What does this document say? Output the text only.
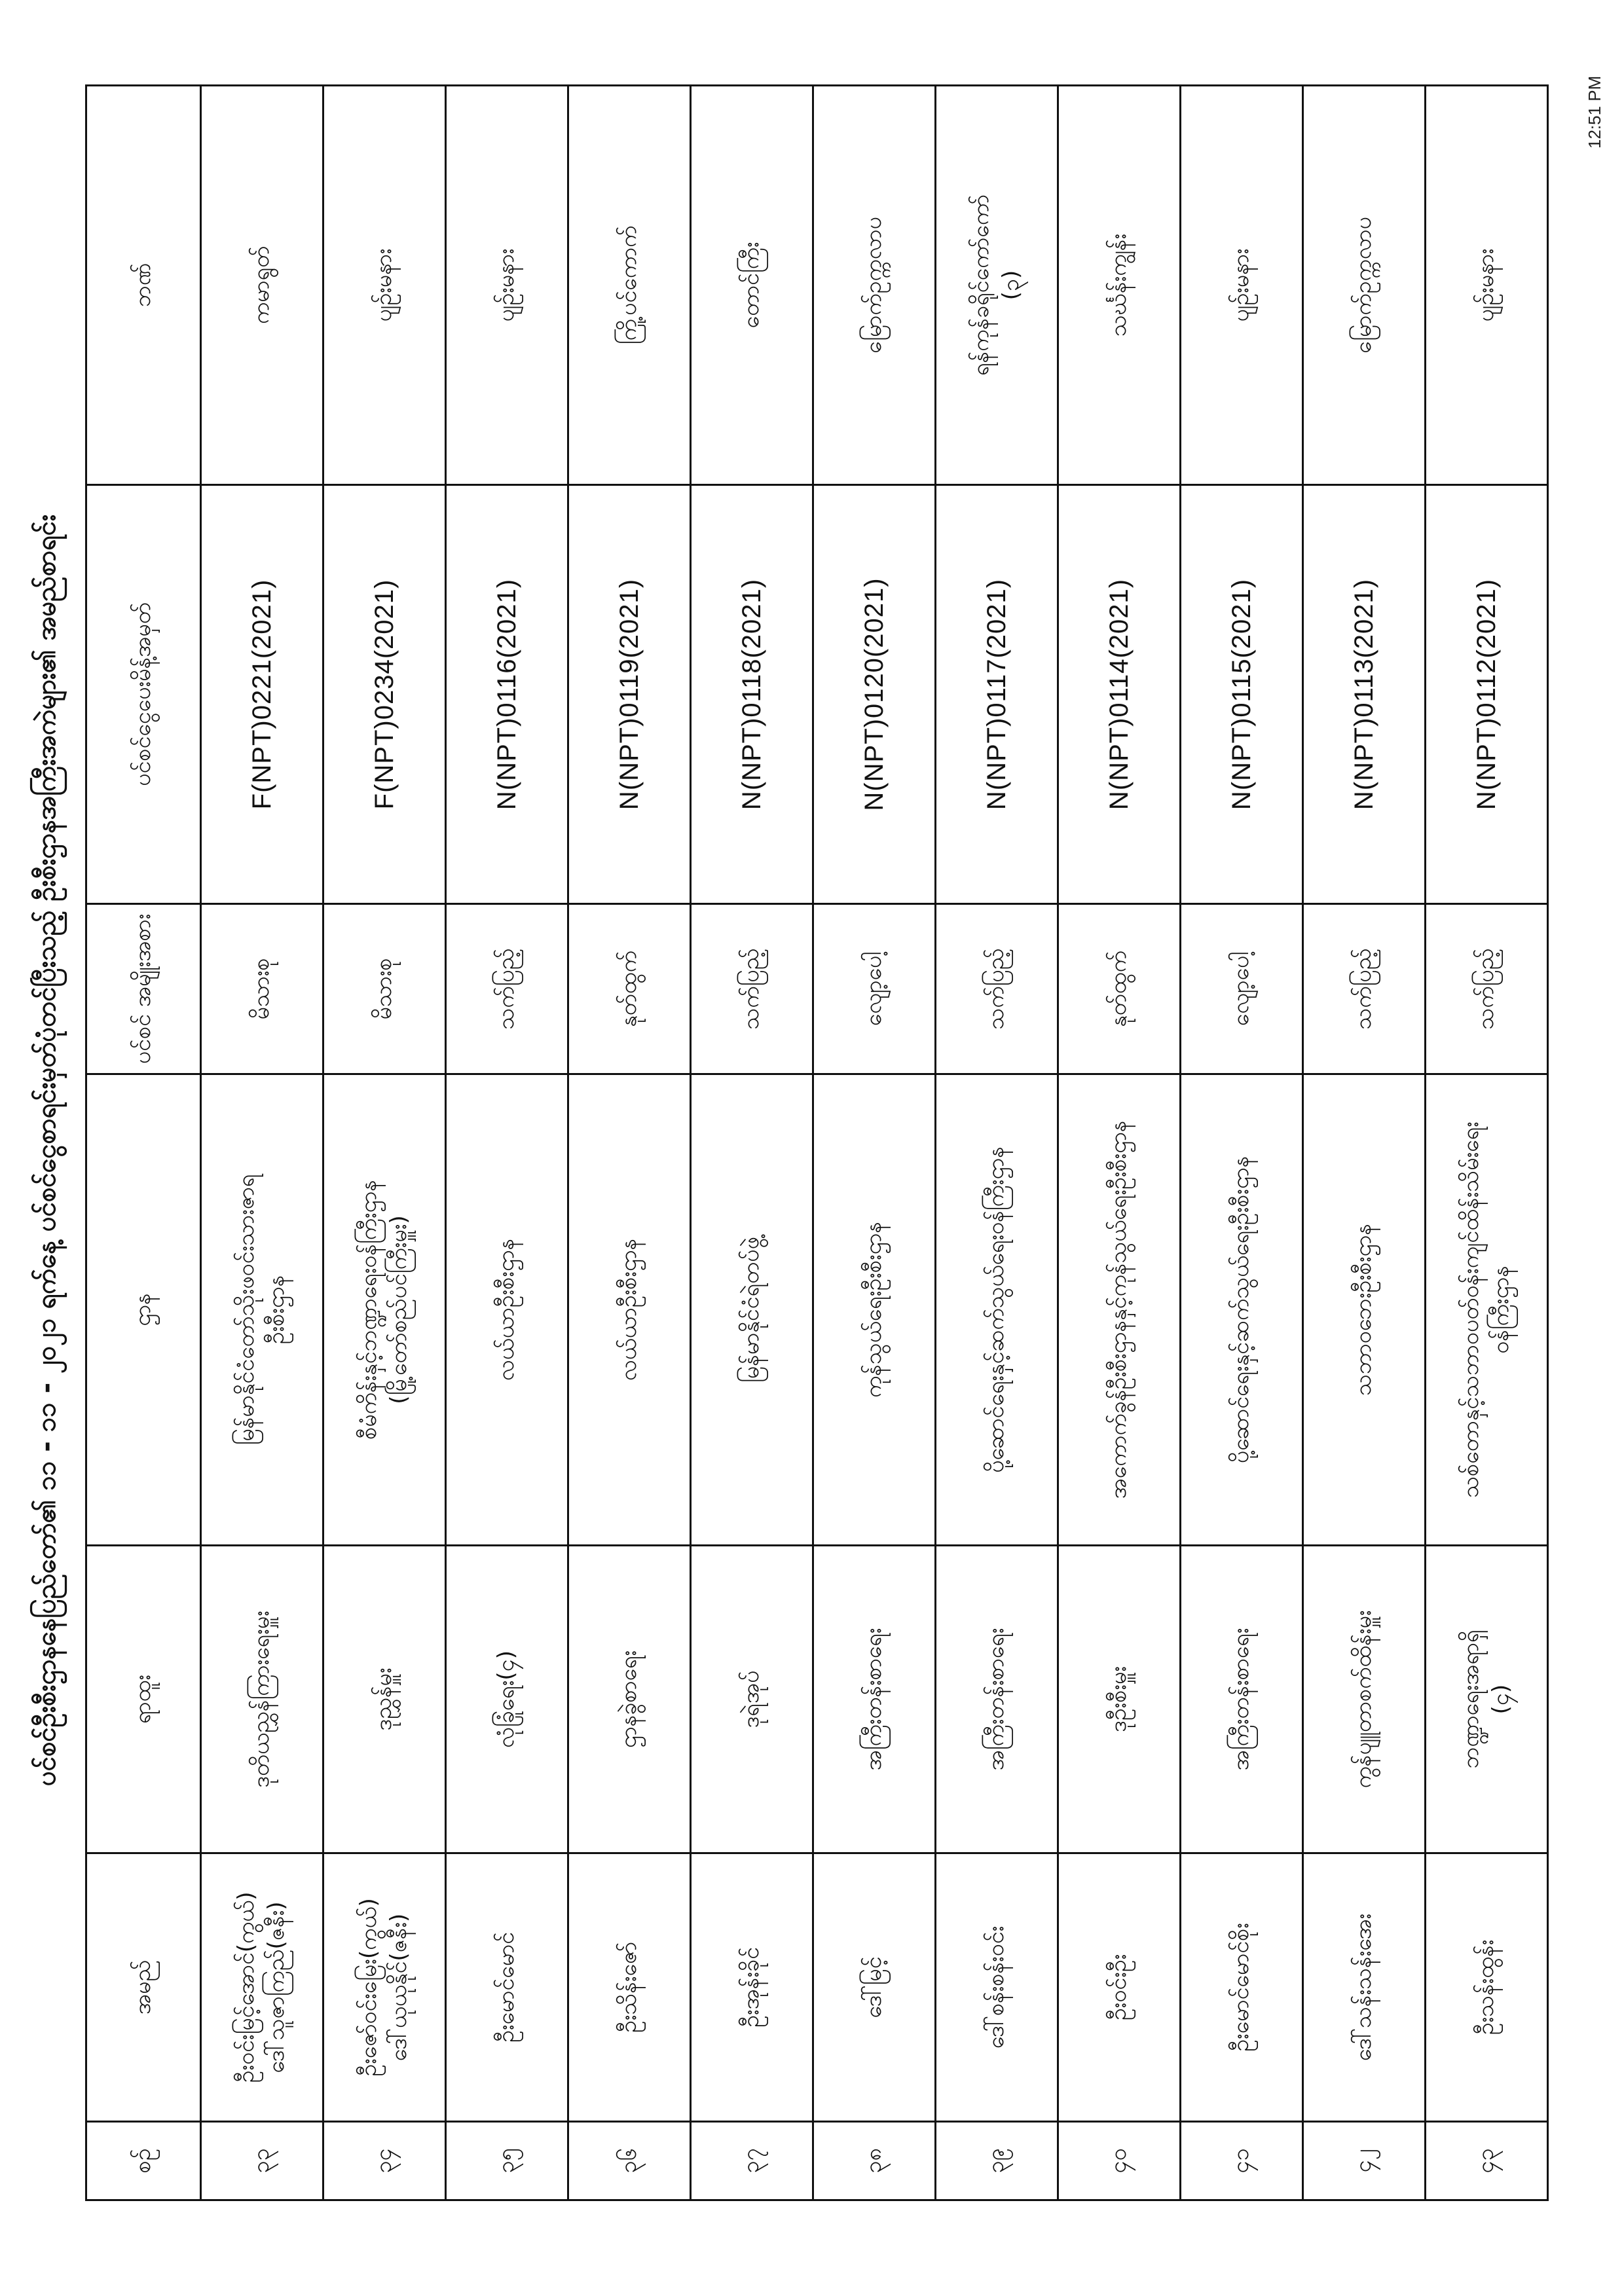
ပင်စင်ဦးစီးဌာနနေပြည်တော်၏ ၁၁ - ၁၁ - ၂၀၂၁ ရက်နေ့ ပင်စင်ငွေစာရင်းမှတ်ပုံတင်ပြီးသည့် ဦးစီးဌာနအကြီးအကဲများ၏ အမည်စာရင်း
စဉ်	အမည်	ရာထူး	ဌာန	ပင်စင် အမျိုးအစား	ပင်စင်ငွေပေးမိန့်အမှတ်	ဘဏ်

၃၃	ဦးဝင်းမြင့်အောင်(ကွယ်) ဒေါ်သူဇာကြည်(ဇနီး)	ဒုတိယညွှန်ကြားရေးမှူး	မြန်မာနိုင်ငံတော်သိုးဖဝင်းသားဇာရ ဦးစီးဌာန	မိသားစု	F(NPT)0221(2021)	ကမာရွတ်

၃၄	ဦးဇော်ဝင်းမြေး(ကွယ်) ဒေါ်ယုယုနိုင်(ဇနီး)	ဒုညွှန်မှူး	စီမံကိန်းနှင့်ဘဏ္ဍာရေးဝန်ကြီးဌာန (မြို့တော်စည်ပင်ကြီးမှူး)	မိသားစု	F(NPT)0234(2021)	ပျဉ်းမနား

၃၅	ဦးမောင်မောင်	လုံခြုံရေး(၄)	လယ်ယာဦးစီးဌာန	သက်ပြည့်	N(NPT)0116(2021)	ပျဉ်းမနား

၃၆	ဦးသိန်းဇော်	ဌာနခွဲစာရေး	လယ်ယာဦးစီးဌာန	နုတ်ထွက်	N(NPT)0119(2021)	ကြို့ပင်ကောက်

၃၇	ဦးအုန်းခိုင်	ဒုရဲအုပ်	မြန်မာနိုင်ငံရဲတပ်ဖွဲ့	သက်ပြည့်	N(NPT)0118(2021)	တောင်ကြီး

၃၈	ဒေါ်မြင့်	အကြီးတန်းစာရေး	ကုန်သွယ်ရေးဦးစီးဌာန	လျော့ပေါ့	N(NPT)0120(2021)	မြောက်ဥက္ကလာပ

၃၉	ဒေါ်စန်းစန်းဝင်း	အကြီးတန်းစာရေး	ပို့ဆောင်ရေးနှင့်ဆက်သွယ်ရေးဝန်ကြီးဌာန	သက်ပြည့်	N(NPT)0117(2021)	ရန်ကုန်ခရိုင်ကော်ကော် (၃)

၄၀	ဦးဝင်းဦး	ဒုဦးစီးမှူး	အကောက်ခွန်ဦးစီးဌာနနှင့်ကုန်သွယ်ရေးဦးစီးဌာန	နုတ်ထွက်	N(NPT)0114(2021)	သင်္ဃန်းကျွန်း

၄၁	ဦးမောင်မောင်စိုး	အကြီးတန်းစာရေး	ပို့ဆောင်ရေးနှင့်ဆက်သွယ်ရေးဦးစီးဌာန	လျော့ပေါ့	N(NPT)0115(2021)	ပျဉ်းမနား

၄၂	ဒေါ်သန်းသန်းအေး	ကွန်ပျူတာစက်ထိန်းမှူး	သဘာဝဘေးဦးစီးဌာန	သက်ပြည့်	N(NPT)0113(2021)	မြောက်ဥက္ကလာပ

၄၃	ဦးသန်းထွန်း	ဘဏ္ဍာရေးအရာရှိ (၄)	သစ်တောနှင့်သဘာဝပတ်ဝန်းကျင်ထိန်းသိမ်းရေး ဝန်ကြီးဌာန	သက်ပြည့်	N(NPT)0112(2021)	ပျဉ်းမနား
12:51 PM
